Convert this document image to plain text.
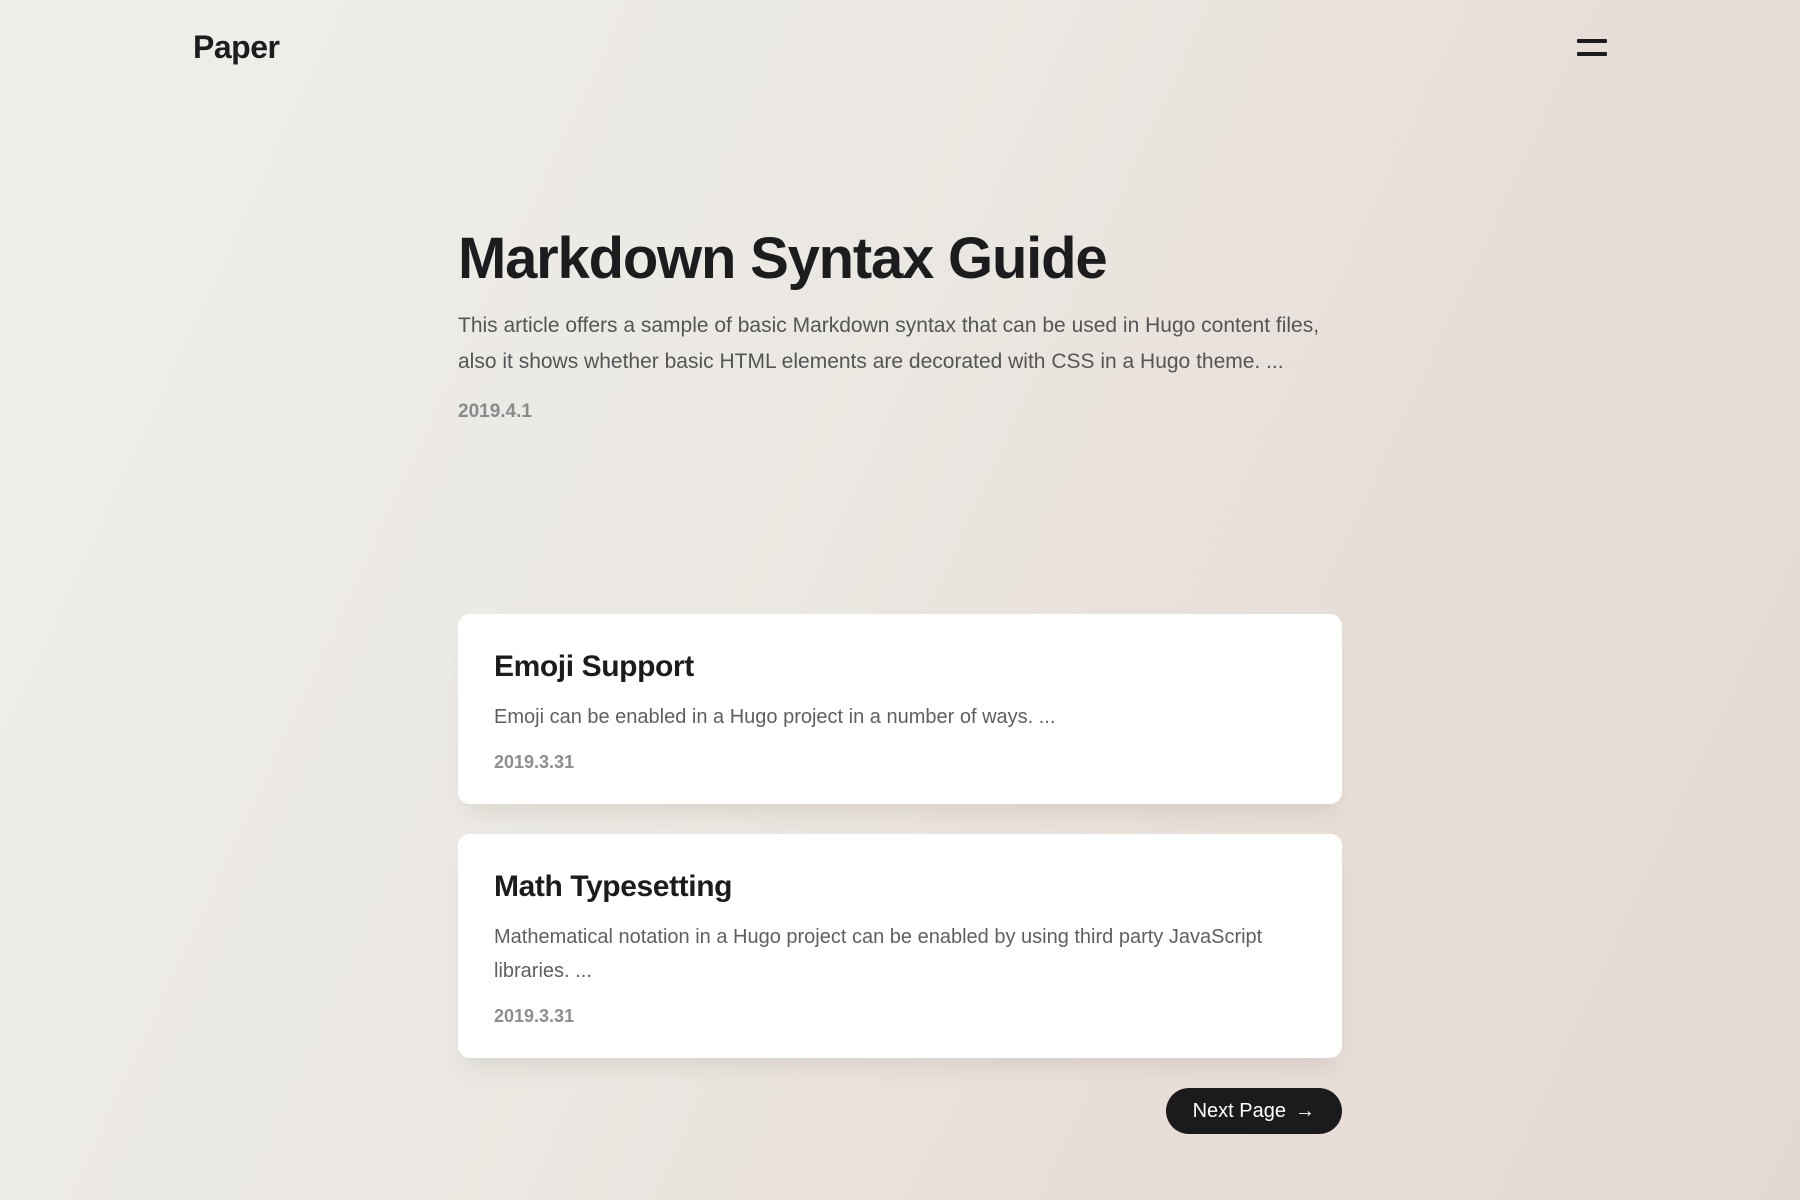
Paper
Markdown Syntax Guide

This article offers a sample of basic Markdown syntax that can be used in Hugo content files, also it shows whether basic HTML elements are decorated with CSS in a Hugo theme. ...

2019.4.1
Emoji Support

Emoji can be enabled in a Hugo project in a number of ways. ...

2019.3.31
Math Typesetting

Mathematical notation in a Hugo project can be enabled by using third party JavaScript libraries. ...

2019.3.31
Next Page →
